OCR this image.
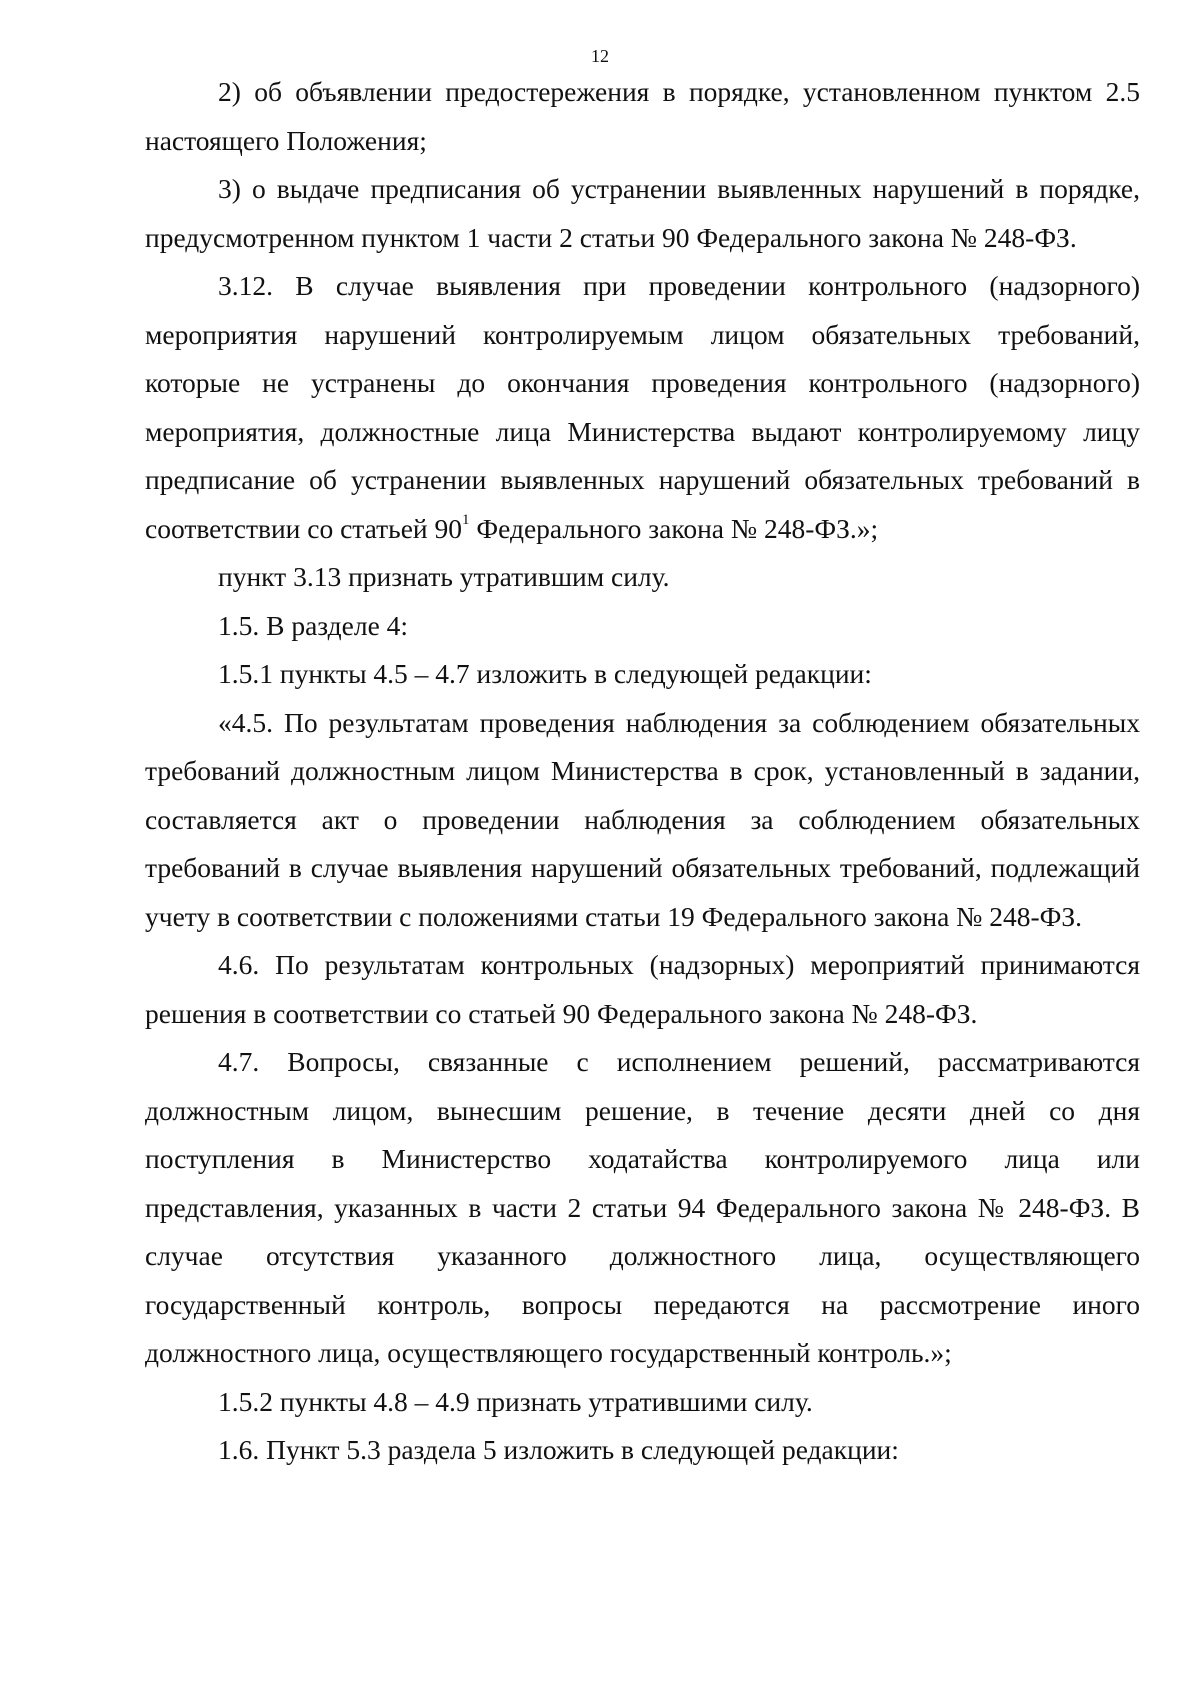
12

2) об объявлении предостережения в порядке, установленном пунктом 2.5 настоящего Положения;

3) о выдаче предписания об устранении выявленных нарушений в порядке, предусмотренном пунктом 1 части 2 статьи 90 Федерального закона № 248-ФЗ.

3.12. В случае выявления при проведении контрольного (надзорного) мероприятия нарушений контролируемым лицом обязательных требований, которые не устранены до окончания проведения контрольного (надзорного) мероприятия, должностные лица Министерства выдают контролируемому лицу предписание об устранении выявленных нарушений обязательных требований в соответствии со статьей $90^1$ Федерального закона № 248-ФЗ.»;

пункт 3.13 признать утратившим силу.

1.5. В разделе 4:

1.5.1 пункты 4.5 – 4.7 изложить в следующей редакции:

«4.5. По результатам проведения наблюдения за соблюдением обязательных требований должностным лицом Министерства в срок, установленный в задании, составляется акт о проведении наблюдения за соблюдением обязательных требований в случае выявления нарушений обязательных требований, подлежащий учету в соответствии с положениями статьи 19 Федерального закона № 248-ФЗ.

4.6. По результатам контрольных (надзорных) мероприятий принимаются решения в соответствии со статьей 90 Федерального закона № 248-ФЗ.

4.7. Вопросы, связанные с исполнением решений, рассматриваются должностным лицом, вынесшим решение, в течение десяти дней со дня поступления в Министерство ходатайства контролируемого лица или представления, указанных в части 2 статьи 94 Федерального закона № 248-ФЗ. В случае отсутствия указанного должностного лица, осуществляющего государственный контроль, вопросы передаются на рассмотрение иного должностного лица, осуществляющего государственный контроль.»;

1.5.2 пункты 4.8 – 4.9 признать утратившими силу.

1.6. Пункт 5.3 раздела 5 изложить в следующей редакции:
